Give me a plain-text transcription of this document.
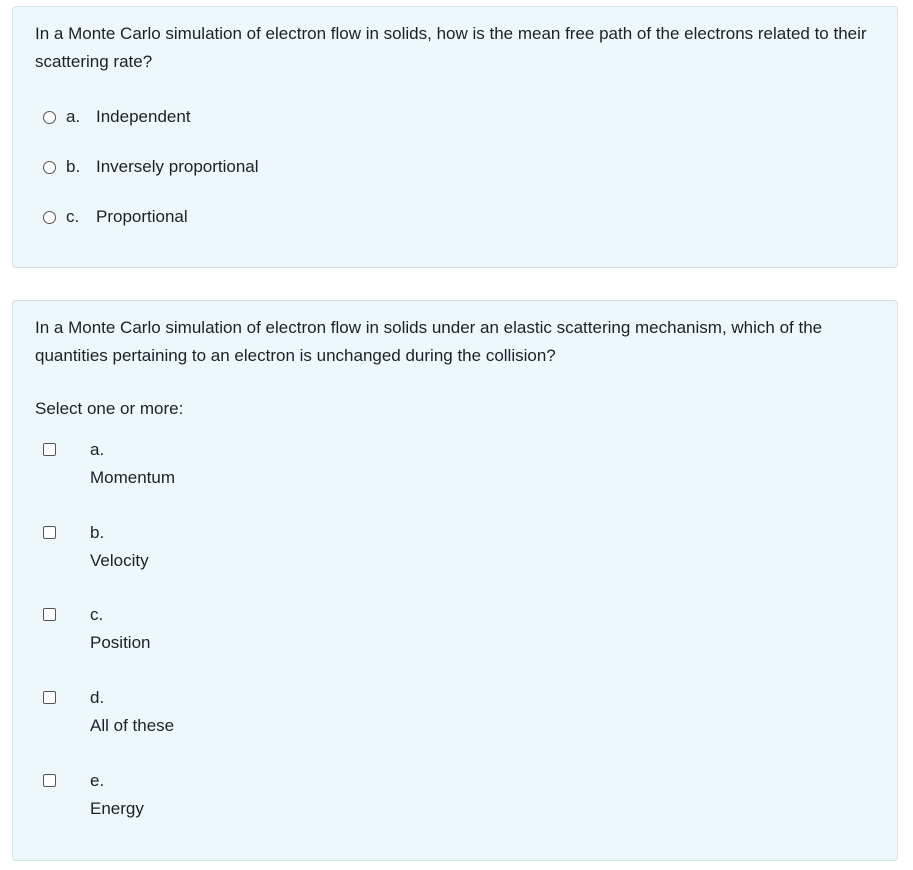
In a Monte Carlo simulation of electron flow in solids, how is the mean free path of the electrons related to their scattering rate?
a. Independent
b. Inversely proportional
c. Proportional
In a Monte Carlo simulation of electron flow in solids under an elastic scattering mechanism, which of the quantities pertaining to an electron is unchanged during the collision?
Select one or more:
a.
Momentum
b.
Velocity
c.
Position
d.
All of these
e.
Energy
